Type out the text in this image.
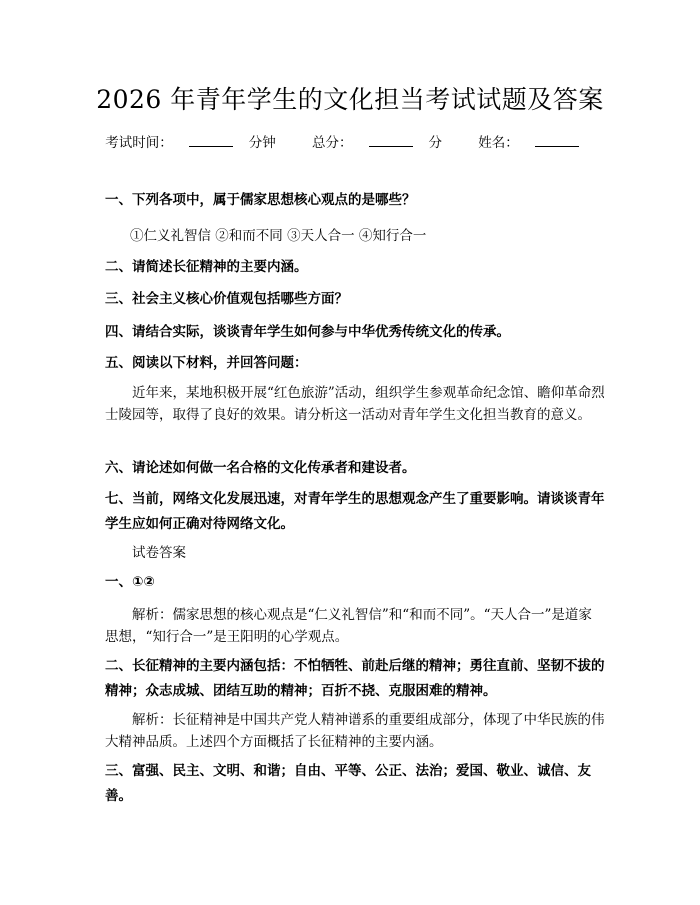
2026 年青年学生的文化担当考试试题及答案
考试时间：	分钟	总分：	分	姓名：
一、下列各项中，属于儒家思想核心观点的是哪些？
①仁义礼智信 ②和而不同 ③天人合一 ④知行合一
二、请简述长征精神的主要内涵。
三、社会主义核心价值观包括哪些方面？
四、请结合实际，谈谈青年学生如何参与中华优秀传统文化的传承。
五、阅读以下材料，并回答问题：
近年来，某地积极开展“红色旅游”活动，组织学生参观革命纪念馆、瞻仰革命烈士陵园等，取得了良好的效果。请分析这一活动对青年学生文化担当教育的意义。
六、请论述如何做一名合格的文化传承者和建设者。
七、当前，网络文化发展迅速，对青年学生的思想观念产生了重要影响。请谈谈青年学生应如何正确对待网络文化。
试卷答案
一、①②
解析：儒家思想的核心观点是“仁义礼智信”和“和而不同”。“天人合一”是道家思想，“知行合一”是王阳明的心学观点。
二、长征精神的主要内涵包括：不怕牺牲、前赴后继的精神；勇往直前、坚韧不拔的精神；众志成城、团结互助的精神；百折不挠、克服困难的精神。
解析：长征精神是中国共产党人精神谱系的重要组成部分，体现了中华民族的伟大精神品质。上述四个方面概括了长征精神的主要内涵。
三、富强、民主、文明、和谐；自由、平等、公正、法治；爱国、敬业、诚信、友善。
